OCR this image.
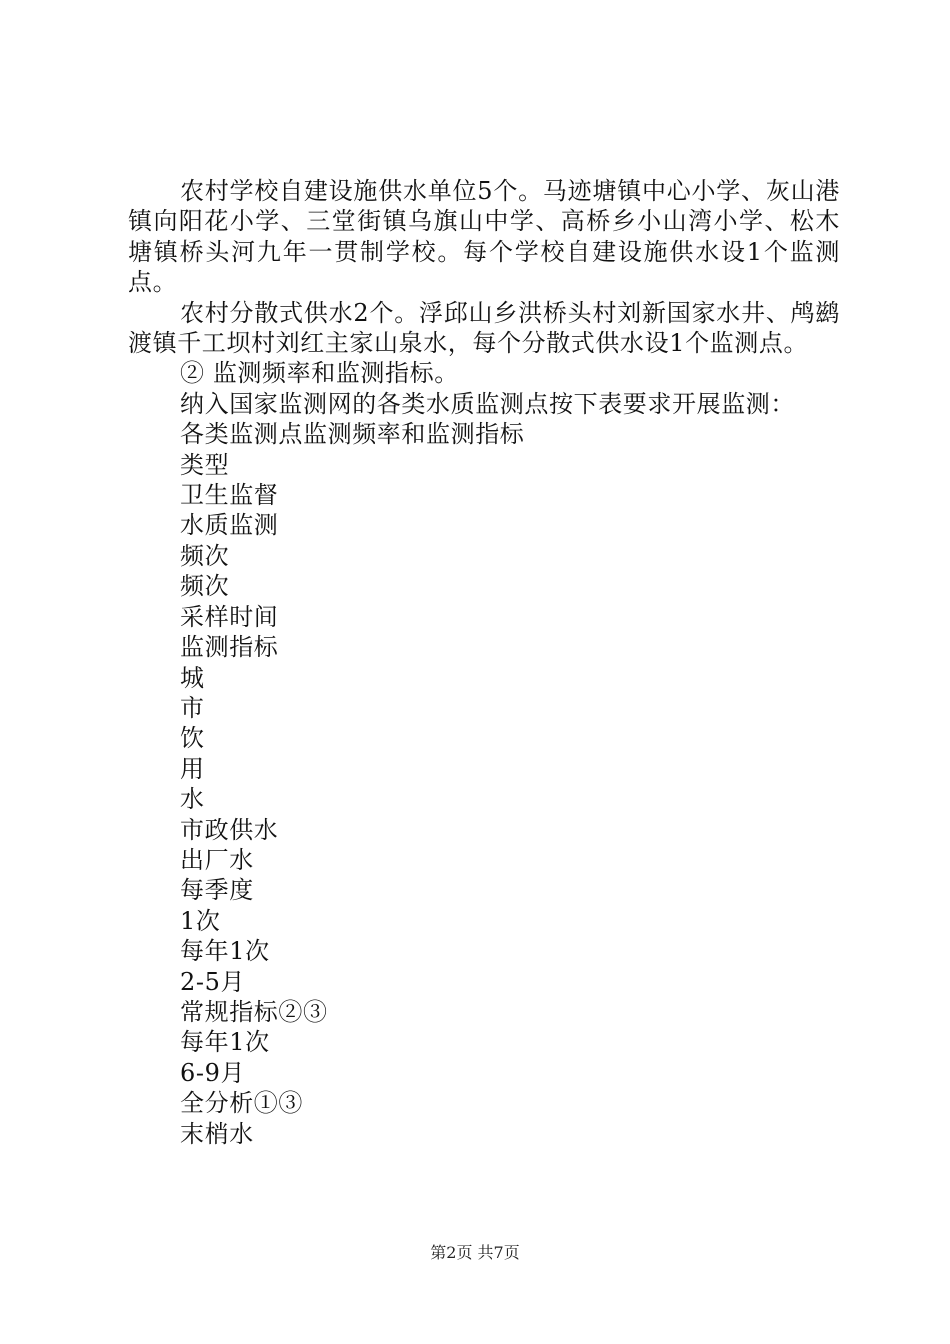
农村学校自建设施供水单位5个。马迹塘镇中心小学、灰山港镇向阳花小学、三堂街镇乌旗山中学、高桥乡小山湾小学、松木塘镇桥头河九年一贯制学校。每个学校自建设施供水设1个监测点。

农村分散式供水2个。浮邱山乡洪桥头村刘新国家水井、鸬鹚渡镇千工坝村刘红主家山泉水，每个分散式供水设1个监测点。

② 监测频率和监测指标。

纳入国家监测网的各类水质监测点按下表要求开展监测：

各类监测点监测频率和监测指标

类型

卫生监督

水质监测

频次

频次

采样时间

监测指标

城

市

饮

用

水

市政供水

出厂水

每季度

1次

每年1次

2-5月

常规指标②③

每年1次

6-9月

全分析①③

末梢水

第2页 共7页
